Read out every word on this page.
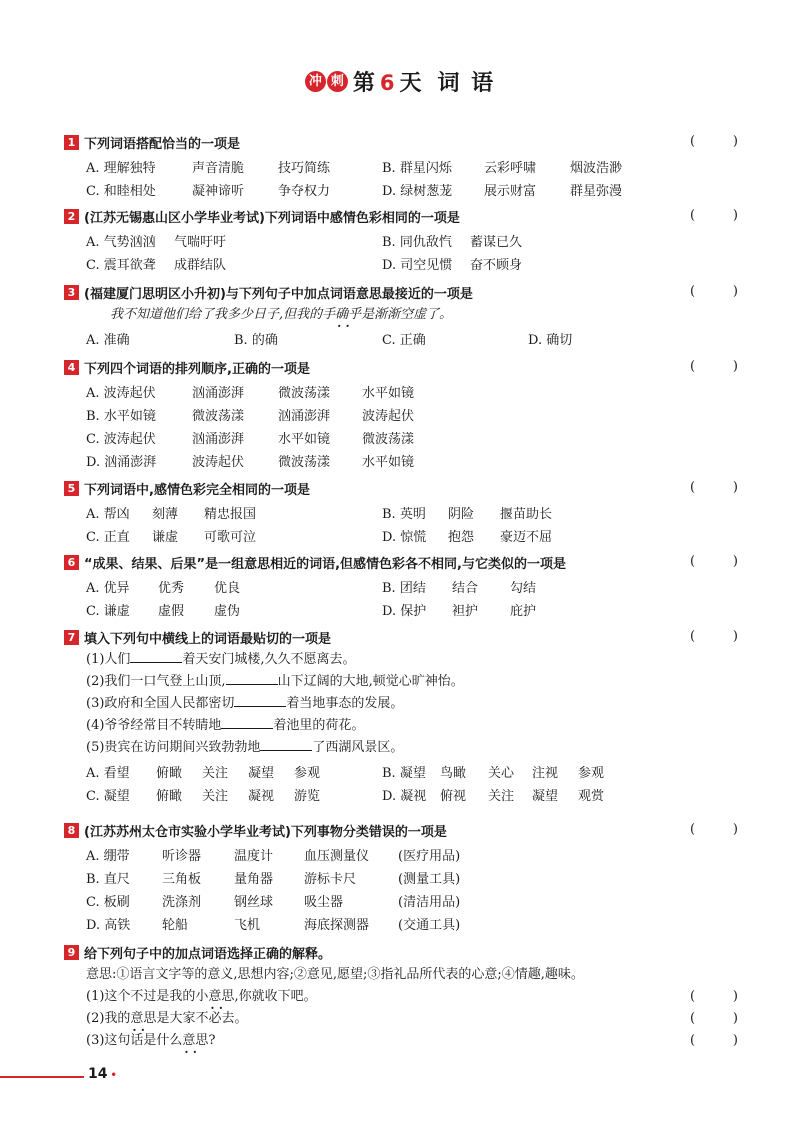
冲 刺 第 6 天 词 语
1 下列词语搭配恰当的一项是	(	)
A. 理解独特	声音清脆	技巧简练	B. 群星闪烁 云彩呼啸	烟波浩渺
C. 和睦相处	凝神谛听	争夺权力	D. 绿树葱茏 展示财富	群星弥漫
2 (江苏无锡惠山区小学毕业考试)下列词语中感情色彩相同的一项是	(	)
A. 气势汹汹 气喘吁吁	B. 同仇敌忾 蓄谋已久
C. 震耳欲聋 成群结队	D. 司空见惯 奋不顾身
3 (福建厦门思明区小升初)与下列句子中加点词语意思最接近的一项是	(	)
我不知道他们给了我多少日子,但我的手确乎 · ·是渐渐空虚了。
A. 准确	B. 的确	C. 正确	D. 确切
4 下列四个词语的排列顺序,正确的一项是	(	)
A. 波涛起伏	汹涌澎湃	微波荡漾 水平如镜
B. 水平如镜	微波荡漾	汹涌澎湃 波涛起伏
C. 波涛起伏	汹涌澎湃	水平如镜 微波荡漾
D. 汹涌澎湃	波涛起伏	微波荡漾 水平如镜
5 下列词语中,感情色彩完全相同的一项是	(	)
A. 帮凶 刻薄 精忠报国	B. 英明 阴险 揠苗助长
C. 正直 谦虚 可歌可泣	D. 惊慌 抱怨 豪迈不屈
6 “成果、结果、后果”是一组意思相近的词语,但感情色彩各不相同,与它类似的一项是	(	)
A. 优异 优秀 优良	B. 团结 结合 勾结
C. 谦虚 虚假 虚伪	D. 保护 袒护 庇护
7 填入下列句中横线上的词语最贴切的一项是	(	)
(1)人们	着天安门城楼,久久不愿离去。
(2)我们一口气登上山顶,	山下辽阔的大地,顿觉心旷神怡。
(3)政府和全国人民都密切	着当地事态的发展。
(4)爷爷经常目不转睛地	着池里的荷花。
(5)贵宾在访问期间兴致勃勃地	了西湖风景区。
A. 看望 俯瞰 关注 凝望 参观	B. 凝望 鸟瞰 关心 注视 参观
C. 凝望 俯瞰 关注 凝视 游览	D. 凝视 俯视 关注 凝望 观赏
8 (江苏苏州太仓市实验小学毕业考试)下列事物分类错误的一项是	(	)
A. 绷带 听诊器	温度计 血压测量仪 (医疗用品)
B. 直尺 三角板	量角器 游标卡尺	(测量工具)
C. 板刷 洗涤剂	钢丝球 吸尘器	(清洁用品)
D. 高铁 轮船	飞机	海底探测器 (交通工具)
9 给下列句子中的加点词语选择正确的解释。
意思:①语言文字等的意义,思想内容;②意见,愿望;③指礼品所代表的心意;④情趣,趣味。
(1)这个不过是我的小意思 · ·,你就收下吧。	(	)
(2)我的意思 · ·是大家不必去。	(	)
(3)这句话是什么意思 · ·?	(	)
14 •
